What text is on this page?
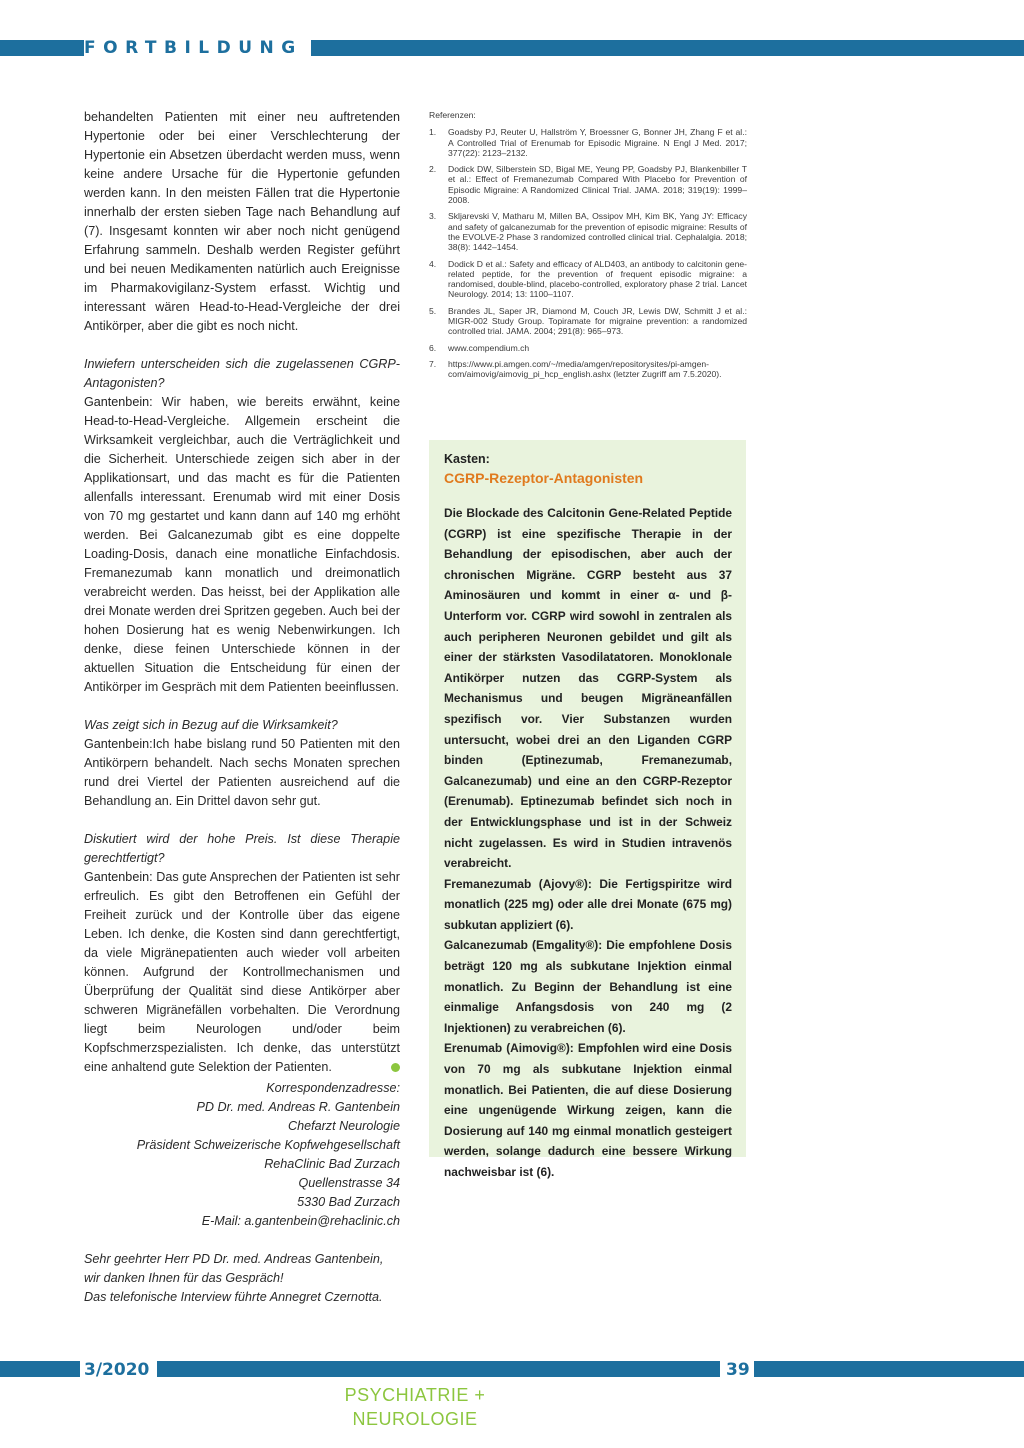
FORTBILDUNG

behandelten Patienten mit einer neu auftretenden Hypertonie oder bei einer Verschlechterung der Hypertonie ein Absetzen überdacht werden muss, wenn keine andere Ursache für die Hypertonie gefunden werden kann. In den meisten Fällen trat die Hypertonie innerhalb der ersten sieben Tage nach Behandlung auf (7). Insgesamt konnten wir aber noch nicht genügend Erfahrung sammeln. Deshalb werden Register geführt und bei neuen Medikamenten natürlich auch Ereignisse im Pharmakovigilanz-System erfasst. Wichtig und interessant wären Head-to-Head-Vergleiche der drei Antikörper, aber die gibt es noch nicht.

Inwiefern unterscheiden sich die zugelassenen CGRP-Antagonisten?

Gantenbein: Wir haben, wie bereits erwähnt, keine Head-to-Head-Vergleiche. Allgemein erscheint die Wirksamkeit vergleichbar, auch die Verträglichkeit und die Sicherheit. Unterschiede zeigen sich aber in der Applikationsart, und das macht es für die Patienten allenfalls interessant. Erenumab wird mit einer Dosis von 70 mg gestartet und kann dann auf 140 mg erhöht werden. Bei Galcanezumab gibt es eine doppelte Loading-Dosis, danach eine monatliche Einfachdosis. Fremanezumab kann monatlich und dreimonatlich verabreicht werden. Das heisst, bei der Applikation alle drei Monate werden drei Spritzen gegeben. Auch bei der hohen Dosierung hat es wenig Nebenwirkungen. Ich denke, diese feinen Unterschiede können in der aktuellen Situation die Entscheidung für einen der Antikörper im Gespräch mit dem Patienten beeinflussen.

Was zeigt sich in Bezug auf die Wirksamkeit?

Gantenbein:Ich habe bislang rund 50 Patienten mit den Antikörpern behandelt. Nach sechs Monaten sprechen rund drei Viertel der Patienten ausreichend auf die Behandlung an. Ein Drittel davon sehr gut.

Diskutiert wird der hohe Preis. Ist diese Therapie gerechtfertigt?

Gantenbein: Das gute Ansprechen der Patienten ist sehr erfreulich. Es gibt den Betroffenen ein Gefühl der Freiheit zurück und der Kontrolle über das eigene Leben. Ich denke, die Kosten sind dann gerechtfertigt, da viele Migränepatienten auch wieder voll arbeiten können. Aufgrund der Kontrollmechanismen und Überprüfung der Qualität sind diese Antikörper aber schweren Migränefällen vorbehalten. Die Verordnung liegt beim Neurologen und/oder beim Kopfschmerzspezialisten. Ich denke, das unterstützt eine anhaltend gute Selektion der Patienten.

Korrespondenzadresse:
PD Dr. med. Andreas R. Gantenbein
Chefarzt Neurologie
Präsident Schweizerische Kopfwehgesellschaft
RehaClinic Bad Zurzach
Quellenstrasse 34
5330 Bad Zurzach
E-Mail: a.gantenbein@rehaclinic.ch

Sehr geehrter Herr PD Dr. med. Andreas Gantenbein, wir danken Ihnen für das Gespräch!

Das telefonische Interview führte Annegret Czernotta.

Referenzen:
1. Goadsby PJ, Reuter U, Hallström Y, Broessner G, Bonner JH, Zhang F et al.: A Controlled Trial of Erenumab for Episodic Migraine. N Engl J Med. 2017; 377(22): 2123–2132.
2. Dodick DW, Silberstein SD, Bigal ME, Yeung PP, Goadsby PJ, Blankenbiller T et al.: Effect of Fremanezumab Compared With Placebo for Prevention of Episodic Migraine: A Randomized Clinical Trial. JAMA. 2018; 319(19): 1999–2008.
3. Skljarevski V, Matharu M, Millen BA, Ossipov MH, Kim BK, Yang JY: Efficacy and safety of galcanezumab for the prevention of episodic migraine: Results of the EVOLVE-2 Phase 3 randomized controlled clinical trial. Cephalalgia. 2018; 38(8): 1442–1454.
4. Dodick D et al.: Safety and efficacy of ALD403, an antibody to calcitonin gene-related peptide, for the prevention of frequent episodic migraine: a randomised, double-blind, placebo-controlled, exploratory phase 2 trial. Lancet Neurology. 2014; 13: 1100–1107.
5. Brandes JL, Saper JR, Diamond M, Couch JR, Lewis DW, Schmitt J et al.: MIGR-002 Study Group. Topiramate for migraine prevention: a randomized controlled trial. JAMA. 2004; 291(8): 965–973.
6. www.compendium.ch
7. https://www.pi.amgen.com/~/media/amgen/repositorysites/pi-amgen-com/aimovig/aimovig_pi_hcp_english.ashx (letzter Zugriff am 7.5.2020).
Kasten:
CGRP-Rezeptor-Antagonisten

Die Blockade des Calcitonin Gene-Related Peptide (CGRP) ist eine spezifische Therapie in der Behandlung der episodischen, aber auch der chronischen Migräne. CGRP besteht aus 37 Aminosäuren und kommt in einer α- und β-Unterform vor. CGRP wird sowohl in zentralen als auch peripheren Neuronen gebildet und gilt als einer der stärksten Vasodilatatoren. Monoklonale Antikörper nutzen das CGRP-System als Mechanismus und beugen Migräneanfällen spezifisch vor. Vier Substanzen wurden untersucht, wobei drei an den Liganden CGRP binden (Eptinezumab, Fremanezumab, Galcanezumab) und eine an den CGRP-Rezeptor (Erenumab). Eptinezumab befindet sich noch in der Entwicklungsphase und ist in der Schweiz nicht zugelassen. Es wird in Studien intravenös verabreicht.

Fremanezumab (Ajovy®): Die Fertigspiritze wird monatlich (225 mg) oder alle drei Monate (675 mg) subkutan appliziert (6).

Galcanezumab (Emgality®): Die empfohlene Dosis beträgt 120 mg als subkutane Injektion einmal monatlich. Zu Beginn der Behandlung ist eine einmalige Anfangsdosis von 240 mg (2 Injektionen) zu verabreichen (6).

Erenumab (Aimovig®): Empfohlen wird eine Dosis von 70 mg als subkutane Injektion einmal monatlich. Bei Patienten, die auf diese Dosierung eine ungenügende Wirkung zeigen, kann die Dosierung auf 140 mg einmal monatlich gesteigert werden, solange dadurch eine bessere Wirkung nachweisbar ist (6).

3/2020	39
PSYCHIATRIE + NEUROLOGIE
